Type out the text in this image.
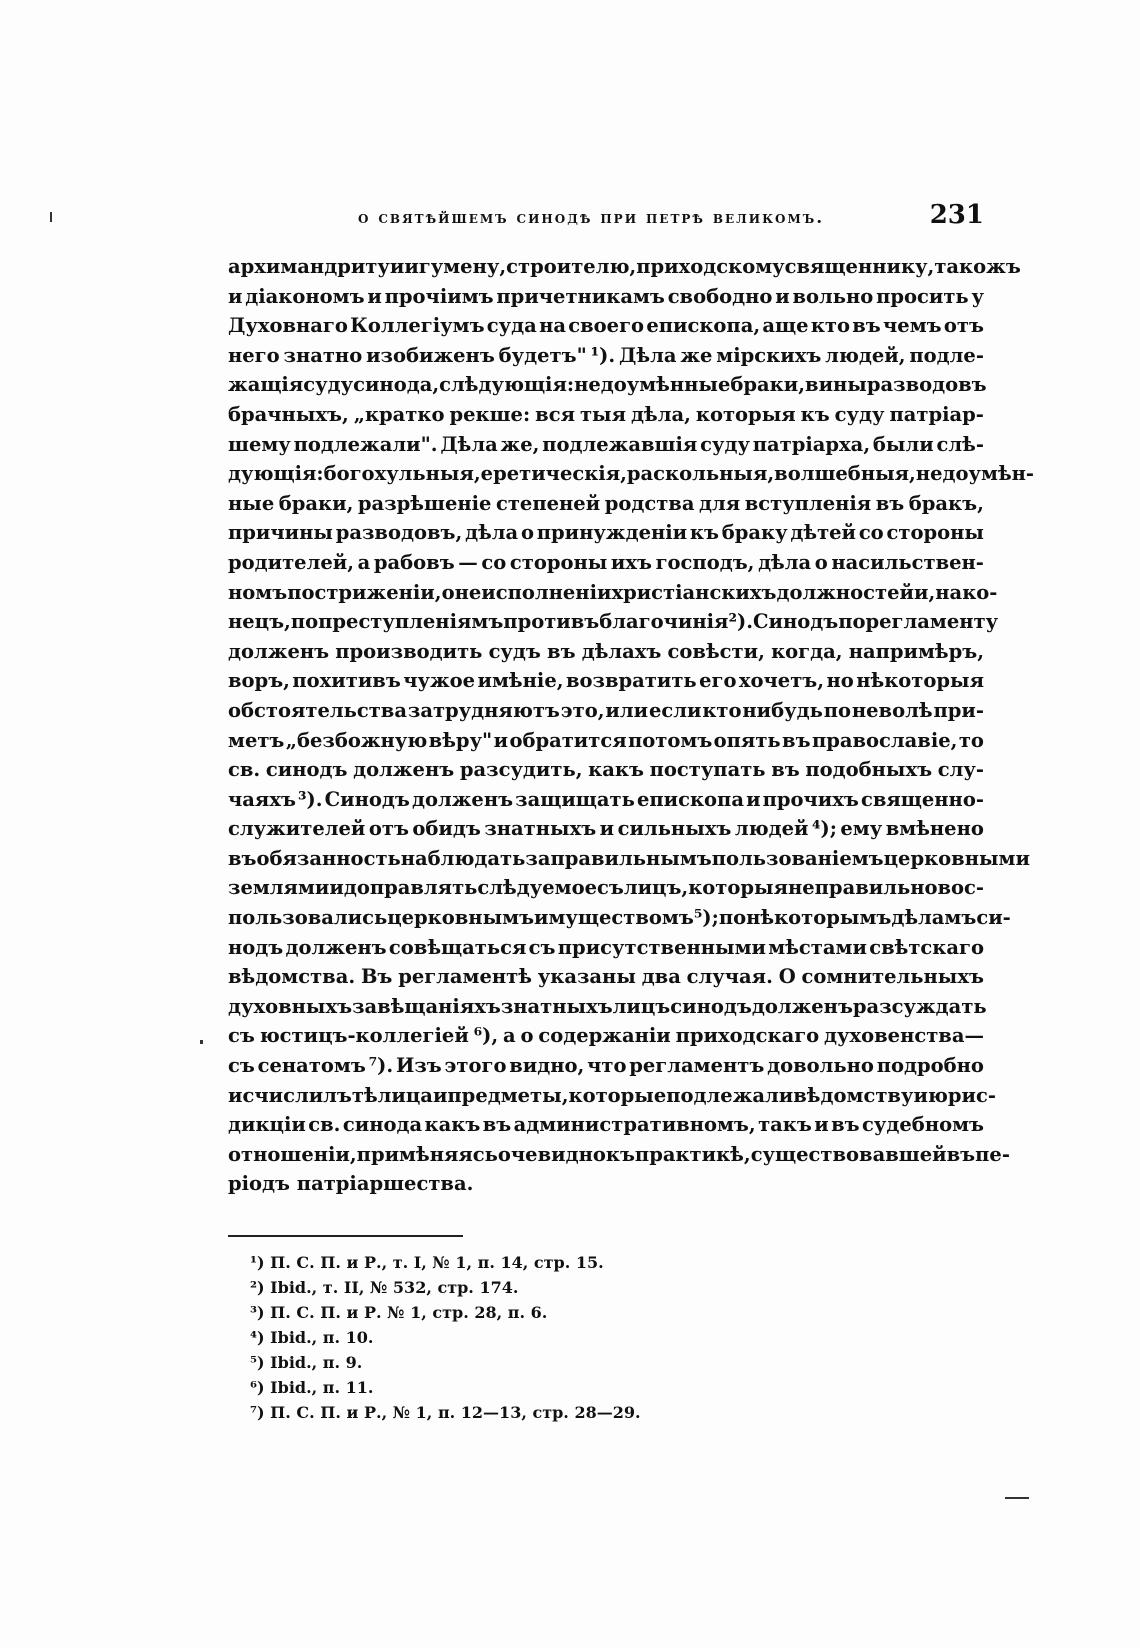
о святѣйшемъ синодѣ при петрѣ великомъ.	231
архимандриту и игумену, строителю, приходскому священнику, такожъ
и діакономъ и прочіимъ причетникамъ свободно и вольно просить у
Духовнаго Коллегіумъ суда на своего епископа, аще кто въ чемъ отъ
него знатно изобиженъ будетъ" ¹). Дѣла же мірскихъ людей, подле-
жащія суду синода, слѣдующія: недоумѣнные браки, вины разводовъ
брачныхъ, „кратко рекше: вся тыя дѣла, которыя къ суду патріар-
шему подлежали". Дѣла же, подлежавшія суду патріарха, были слѣ-
дующія: богохульныя, еретическія, раскольныя, волшебныя, недоумѣн-
ные браки, разрѣшеніе степеней родства для вступленія въ бракъ,
причины разводовъ, дѣла о принужденіи къ браку дѣтей со стороны
родителей, а рабовъ — со стороны ихъ господъ, дѣла о насильствен-
номъ постриженіи, о неисполненіи христіанскихъ должностей и, нако-
нецъ, по преступленіямъ противъ благочинія ²). Синодъ по регламенту
долженъ производить судъ въ дѣлахъ совѣсти, когда, напримѣръ,
воръ, похитивъ чужое имѣніе, возвратить его хочетъ, но нѣкоторыя
обстоятельства затрудняютъ это, или если кто нибудь по неволѣ при-
метъ „безбожную вѣру" и обратится потомъ опять въ православіе, то
св. синодъ долженъ разсудить, какъ поступать въ подобныхъ слу-
чаяхъ ³). Синодъ долженъ защищать епископа и прочихъ священно-
служителей отъ обидъ знатныхъ и сильныхъ людей ⁴); ему вмѣнено
въ обязанность наблюдать за правильнымъ пользованіемъ церковными
землями и доправлять слѣдуемое съ лицъ, которыя неправильно вос-
пользовались церковнымъ имуществомъ ⁵); по нѣкоторымъ дѣламъ си-
нодъ долженъ совѣщаться съ присутственными мѣстами свѣтскаго
вѣдомства. Въ регламентѣ указаны два случая. О сомнительныхъ
духовныхъ завѣщаніяхъ знатныхъ лицъ синодъ долженъ разсуждать
съ юстицъ-коллегіей ⁶), а о содержаніи приходскаго духовенства—
съ сенатомъ ⁷). Изъ этого видно, что регламентъ довольно подробно
исчислилъ тѣ лица и предметы, которые подлежали вѣдомству и юрис-
дикціи св. синода какъ въ административномъ, такъ и въ судебномъ
отношеніи, примѣняясь очевидно къ практикѣ, существовавшей въ пе-
ріодъ патріаршества.
¹) П. С. П. и Р., т. I, № 1, п. 14, стр. 15.
²) Ibid., т. II, № 532, стр. 174.
³) П. С. П. и Р. № 1, стр. 28, п. 6.
⁴) Ibid., п. 10.
⁵) Ibid., п. 9.
⁶) Ibid., п. 11.
⁷) П. С. П. и Р., № 1, п. 12—13, стр. 28—29.
